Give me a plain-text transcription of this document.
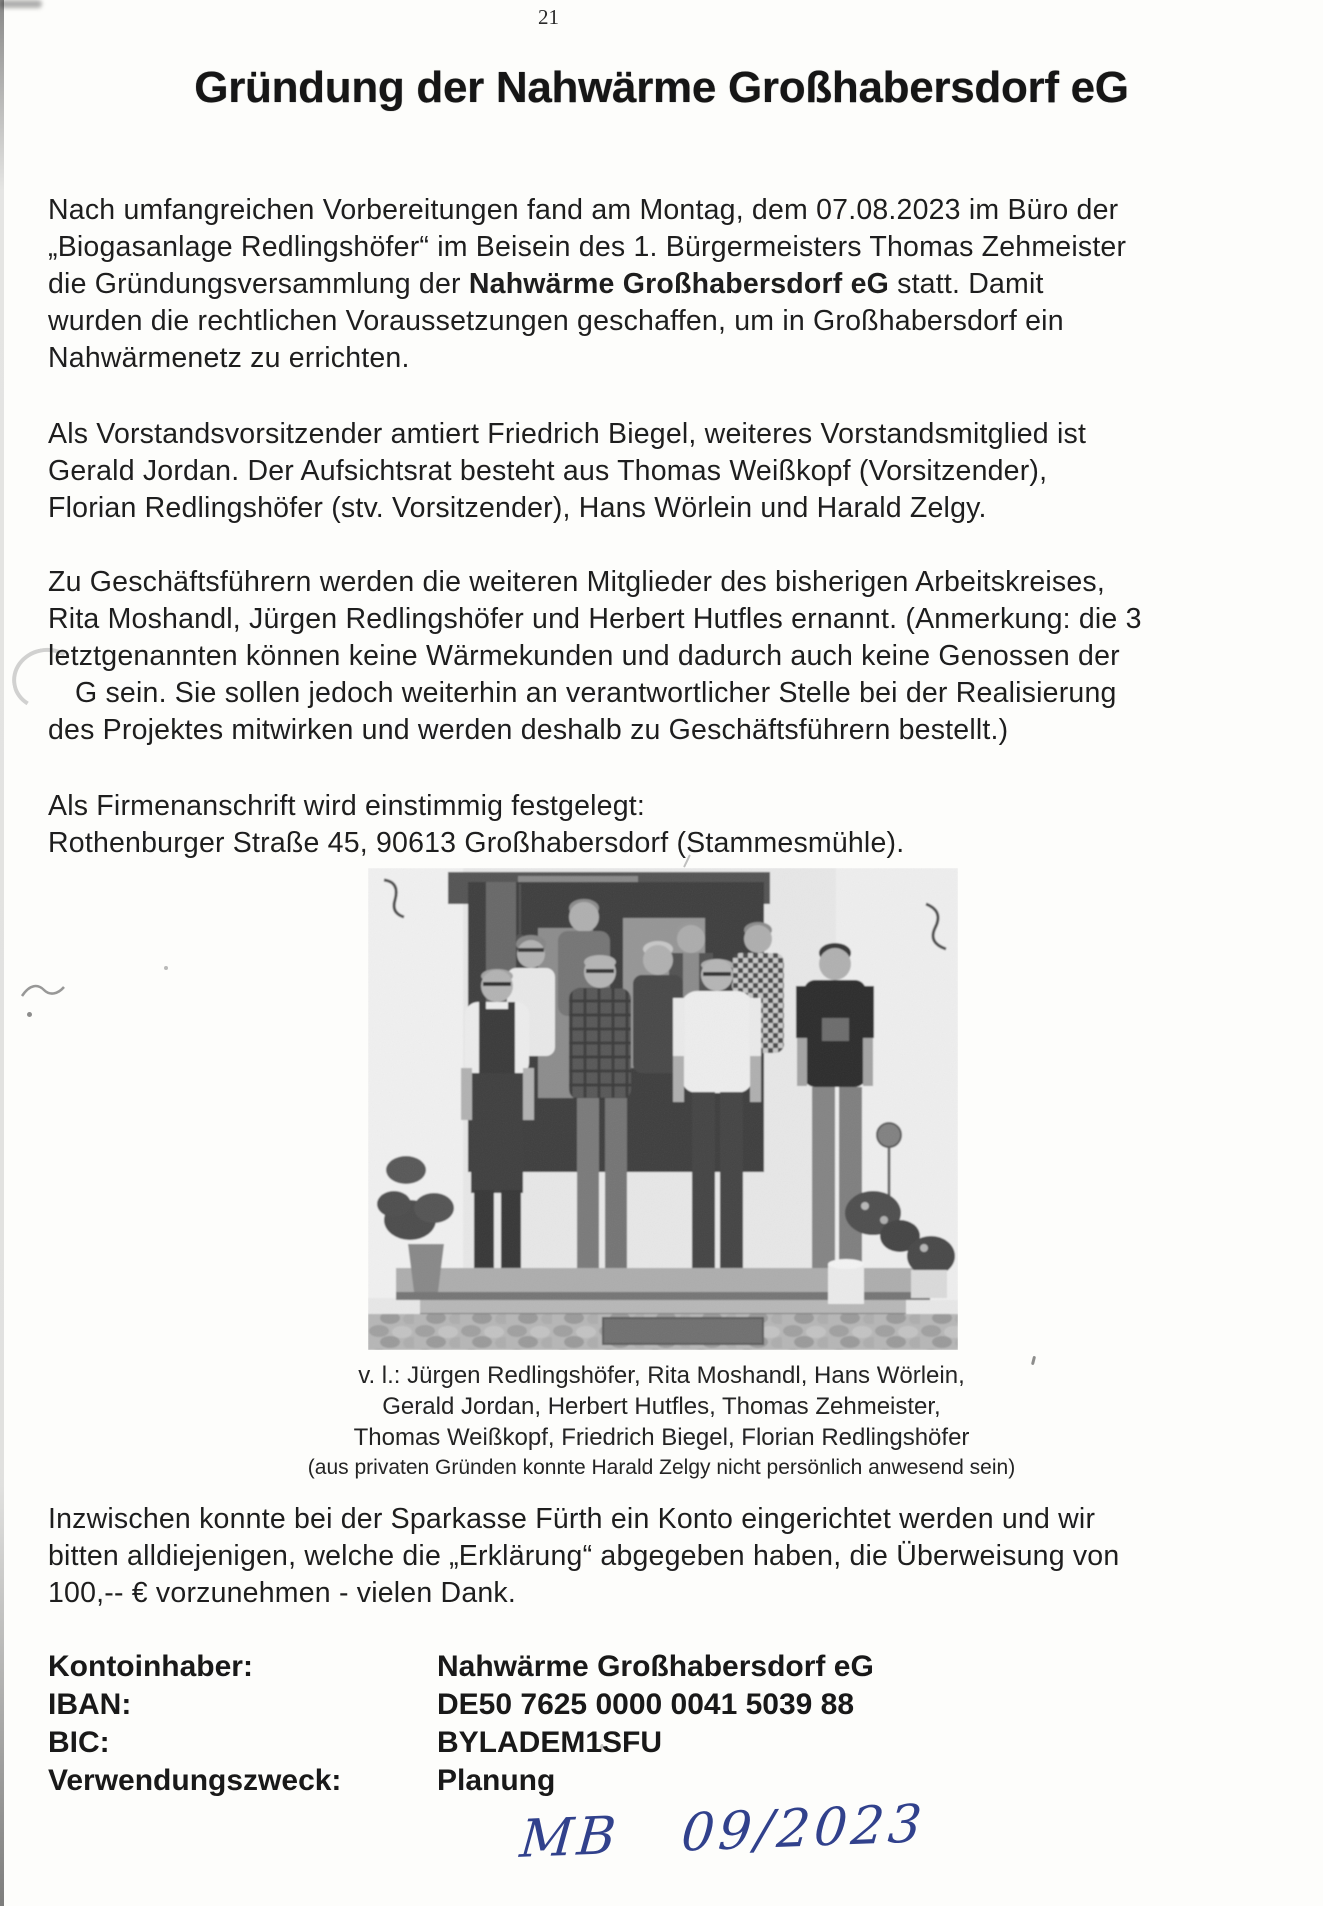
21
Gründung der Nahwärme Großhabersdorf eG
Nach umfangreichen Vorbereitungen fand am Montag, dem 07.08.2023 im Büro der
„Biogasanlage Redlingshöfer“ im Beisein des 1. Bürgermeisters Thomas Zehmeister
die Gründungsversammlung der Nahwärme Großhabersdorf eG statt. Damit
wurden die rechtlichen Voraussetzungen geschaffen, um in Großhabersdorf ein
Nahwärmenetz zu errichten.
Als Vorstandsvorsitzender amtiert Friedrich Biegel, weiteres Vorstandsmitglied ist
Gerald Jordan. Der Aufsichtsrat besteht aus Thomas Weißkopf (Vorsitzender),
Florian Redlingshöfer (stv. Vorsitzender), Hans Wörlein und Harald Zelgy.
Zu Geschäftsführern werden die weiteren Mitglieder des bisherigen Arbeitskreises,
Rita Moshandl, Jürgen Redlingshöfer und Herbert Hutfles ernannt. (Anmerkung: die 3
letztgenannten können keine Wärmekunden und dadurch auch keine Genossen der
G sein. Sie sollen jedoch weiterhin an verantwortlicher Stelle bei der Realisierung
des Projektes mitwirken und werden deshalb zu Geschäftsführern bestellt.)
Als Firmenanschrift wird einstimmig festgelegt:
Rothenburger Straße 45, 90613 Großhabersdorf (Stammesmühle).
v. l.: Jürgen Redlingshöfer, Rita Moshandl, Hans Wörlein,
Gerald Jordan, Herbert Hutfles, Thomas Zehmeister,
Thomas Weißkopf, Friedrich Biegel, Florian Redlingshöfer
(aus privaten Gründen konnte Harald Zelgy nicht persönlich anwesend sein)
Inzwischen konnte bei der Sparkasse Fürth ein Konto eingerichtet werden und wir
bitten alldiejenigen, welche die „Erklärung“ abgegeben haben, die Überweisung von
100,-- € vorzunehmen - vielen Dank.
Kontoinhaber:	Nahwärme Großhabersdorf eG
IBAN:	DE50 7625 0000 0041 5039 88
BIC:	BYLADEM1SFU
Verwendungszweck:	Planung
MB 09/2023
